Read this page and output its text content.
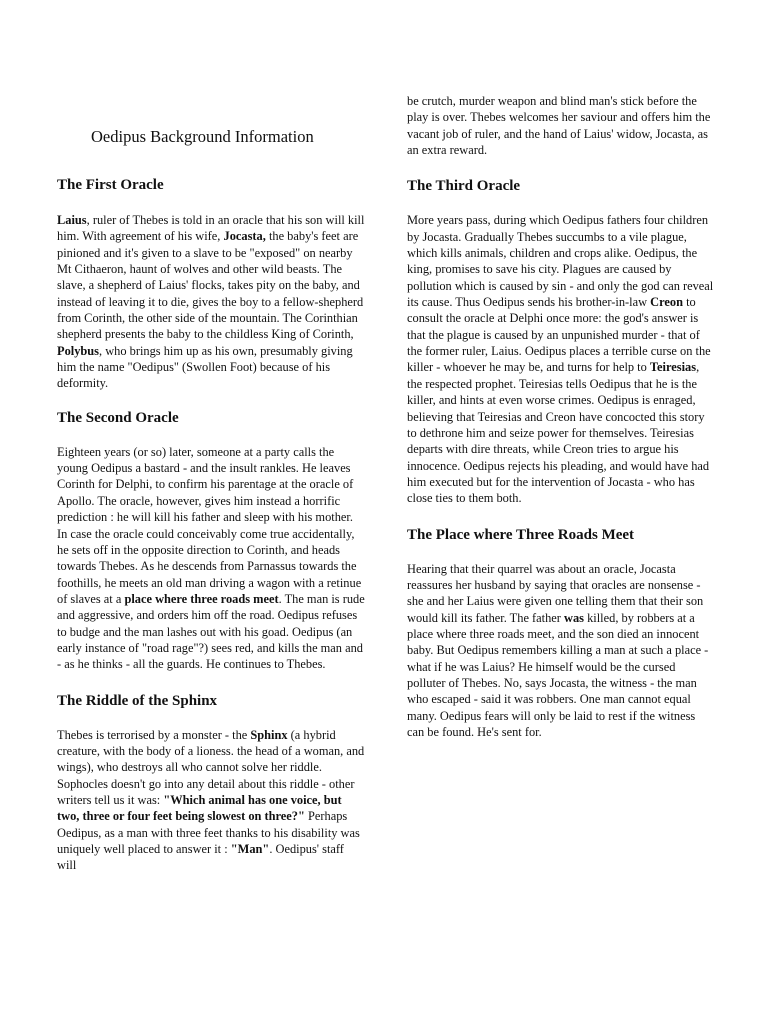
Oedipus Background Information
The First Oracle

Laius, ruler of Thebes is told in an oracle that his son will kill him. With agreement of his wife, Jocasta, the baby's feet are pinioned and it's given to a slave to be "exposed" on nearby Mt Cithaeron, haunt of wolves and other wild beasts. The slave, a shepherd of Laius' flocks, takes pity on the baby, and instead of leaving it to die, gives the boy to a fellow-shepherd from Corinth, the other side of the mountain. The Corinthian shepherd presents the baby to the childless King of Corinth, Polybus, who brings him up as his own, presumably giving him the name "Oedipus" (Swollen Foot) because of his deformity.

The Second Oracle

Eighteen years (or so) later, someone at a party calls the young Oedipus a bastard - and the insult rankles. He leaves Corinth for Delphi, to confirm his parentage at the oracle of Apollo. The oracle, however, gives him instead a horrific prediction : he will kill his father and sleep with his mother. In case the oracle could conceivably come true accidentally, he sets off in the opposite direction to Corinth, and heads towards Thebes. As he descends from Parnassus towards the foothills, he meets an old man driving a wagon with a retinue of slaves at a place where three roads meet. The man is rude and aggressive, and orders him off the road. Oedipus refuses to budge and the man lashes out with his goad. Oedipus (an early instance of "road rage"?) sees red, and kills the man and - as he thinks - all the guards. He continues to Thebes.

The Riddle of the Sphinx

Thebes is terrorised by a monster - the Sphinx (a hybrid creature, with the body of a lioness. the head of a woman, and wings), who destroys all who cannot solve her riddle. Sophocles doesn't go into any detail about this riddle - other writers tell us it was: "Which animal has one voice, but two, three or four feet being slowest on three?" Perhaps Oedipus, as a man with three feet thanks to his disability was uniquely well placed to answer it : "Man". Oedipus' staff will

be crutch, murder weapon and blind man's stick before the play is over. Thebes welcomes her saviour and offers him the vacant job of ruler, and the hand of Laius' widow, Jocasta, as an extra reward.

The Third Oracle

More years pass, during which Oedipus fathers four children by Jocasta. Gradually Thebes succumbs to a vile plague, which kills animals, children and crops alike. Oedipus, the king, promises to save his city. Plagues are caused by pollution which is caused by sin - and only the god can reveal its cause. Thus Oedipus sends his brother-in-law Creon to consult the oracle at Delphi once more: the god's answer is that the plague is caused by an unpunished murder - that of the former ruler, Laius. Oedipus places a terrible curse on the killer - whoever he may be, and turns for help to Teiresias, the respected prophet. Teiresias tells Oedipus that he is the killer, and hints at even worse crimes. Oedipus is enraged, believing that Teiresias and Creon have concocted this story to dethrone him and seize power for themselves. Teiresias departs with dire threats, while Creon tries to argue his innocence. Oedipus rejects his pleading, and would have had him executed but for the intervention of Jocasta - who has close ties to them both.

The Place where Three Roads Meet

Hearing that their quarrel was about an oracle, Jocasta reassures her husband by saying that oracles are nonsense - she and her Laius were given one telling them that their son would kill its father. The father was killed, by robbers at a place where three roads meet, and the son died an innocent baby. But Oedipus remembers killing a man at such a place - what if he was Laius? He himself would be the cursed polluter of Thebes. No, says Jocasta, the witness - the man who escaped - said it was robbers. One man cannot equal many. Oedipus fears will only be laid to rest if the witness can be found. He's sent for.
